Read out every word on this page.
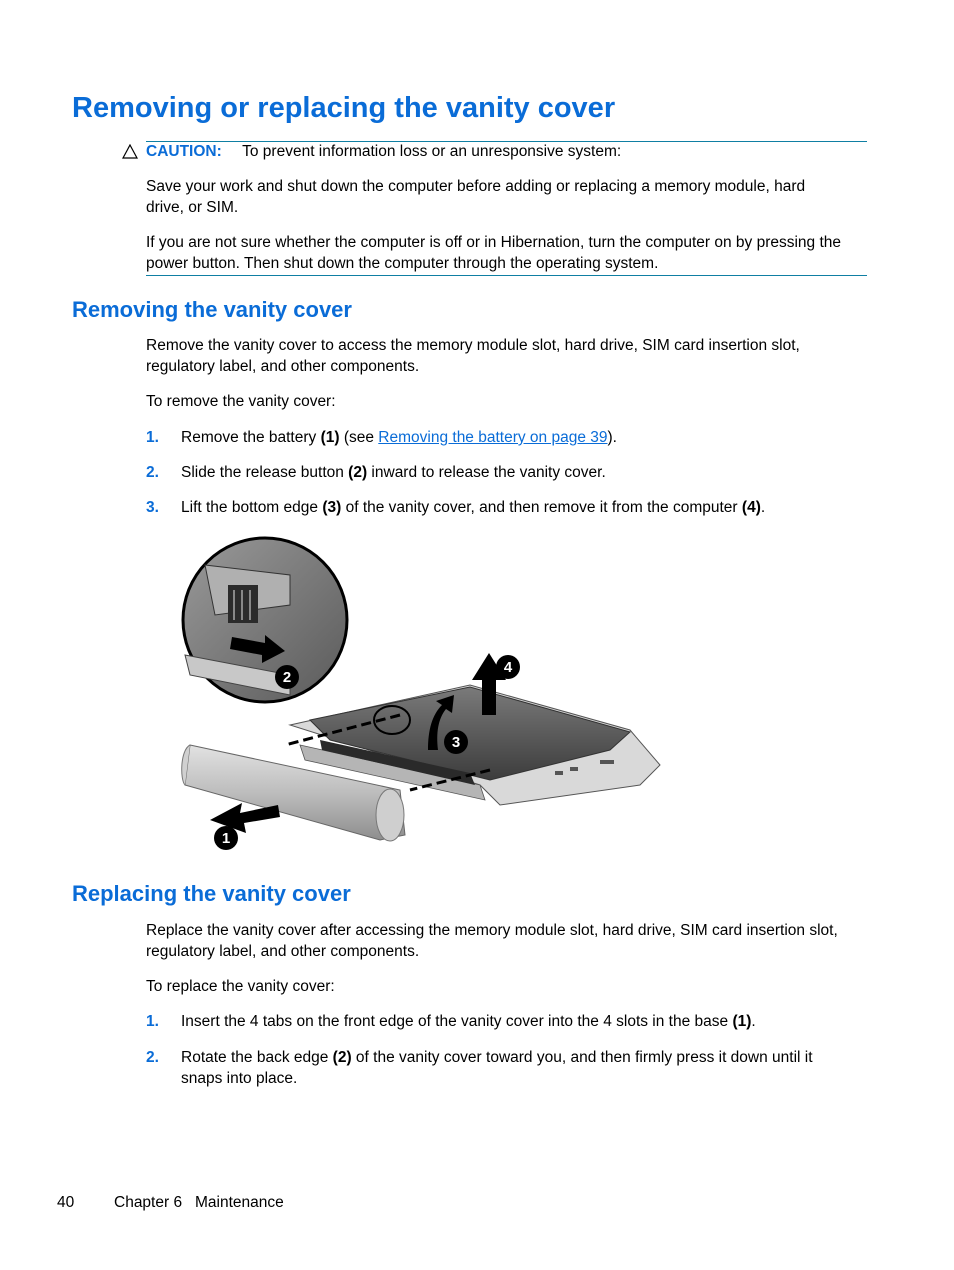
Removing or replacing the vanity cover
CAUTION: To prevent information loss or an unresponsive system:
Save your work and shut down the computer before adding or replacing a memory module, hard
drive, or SIM.
If you are not sure whether the computer is off or in Hibernation, turn the computer on by pressing the
power button. Then shut down the computer through the operating system.
Removing the vanity cover
Remove the vanity cover to access the memory module slot, hard drive, SIM card insertion slot,
regulatory label, and other components.
To remove the vanity cover:
1. Remove the battery (1) (see Removing the battery on page 39).
2. Slide the release button (2) inward to release the vanity cover.
3. Lift the bottom edge (3) of the vanity cover, and then remove it from the computer (4).
1
2
3
4
Replacing the vanity cover
Replace the vanity cover after accessing the memory module slot, hard drive, SIM card insertion slot,
regulatory label, and other components.
To replace the vanity cover:
1. Insert the 4 tabs on the front edge of the vanity cover into the 4 slots in the base (1).
2. Rotate the back edge (2) of the vanity cover toward you, and then firmly press it down until it
snaps into place.
40	Chapter 6   Maintenance
